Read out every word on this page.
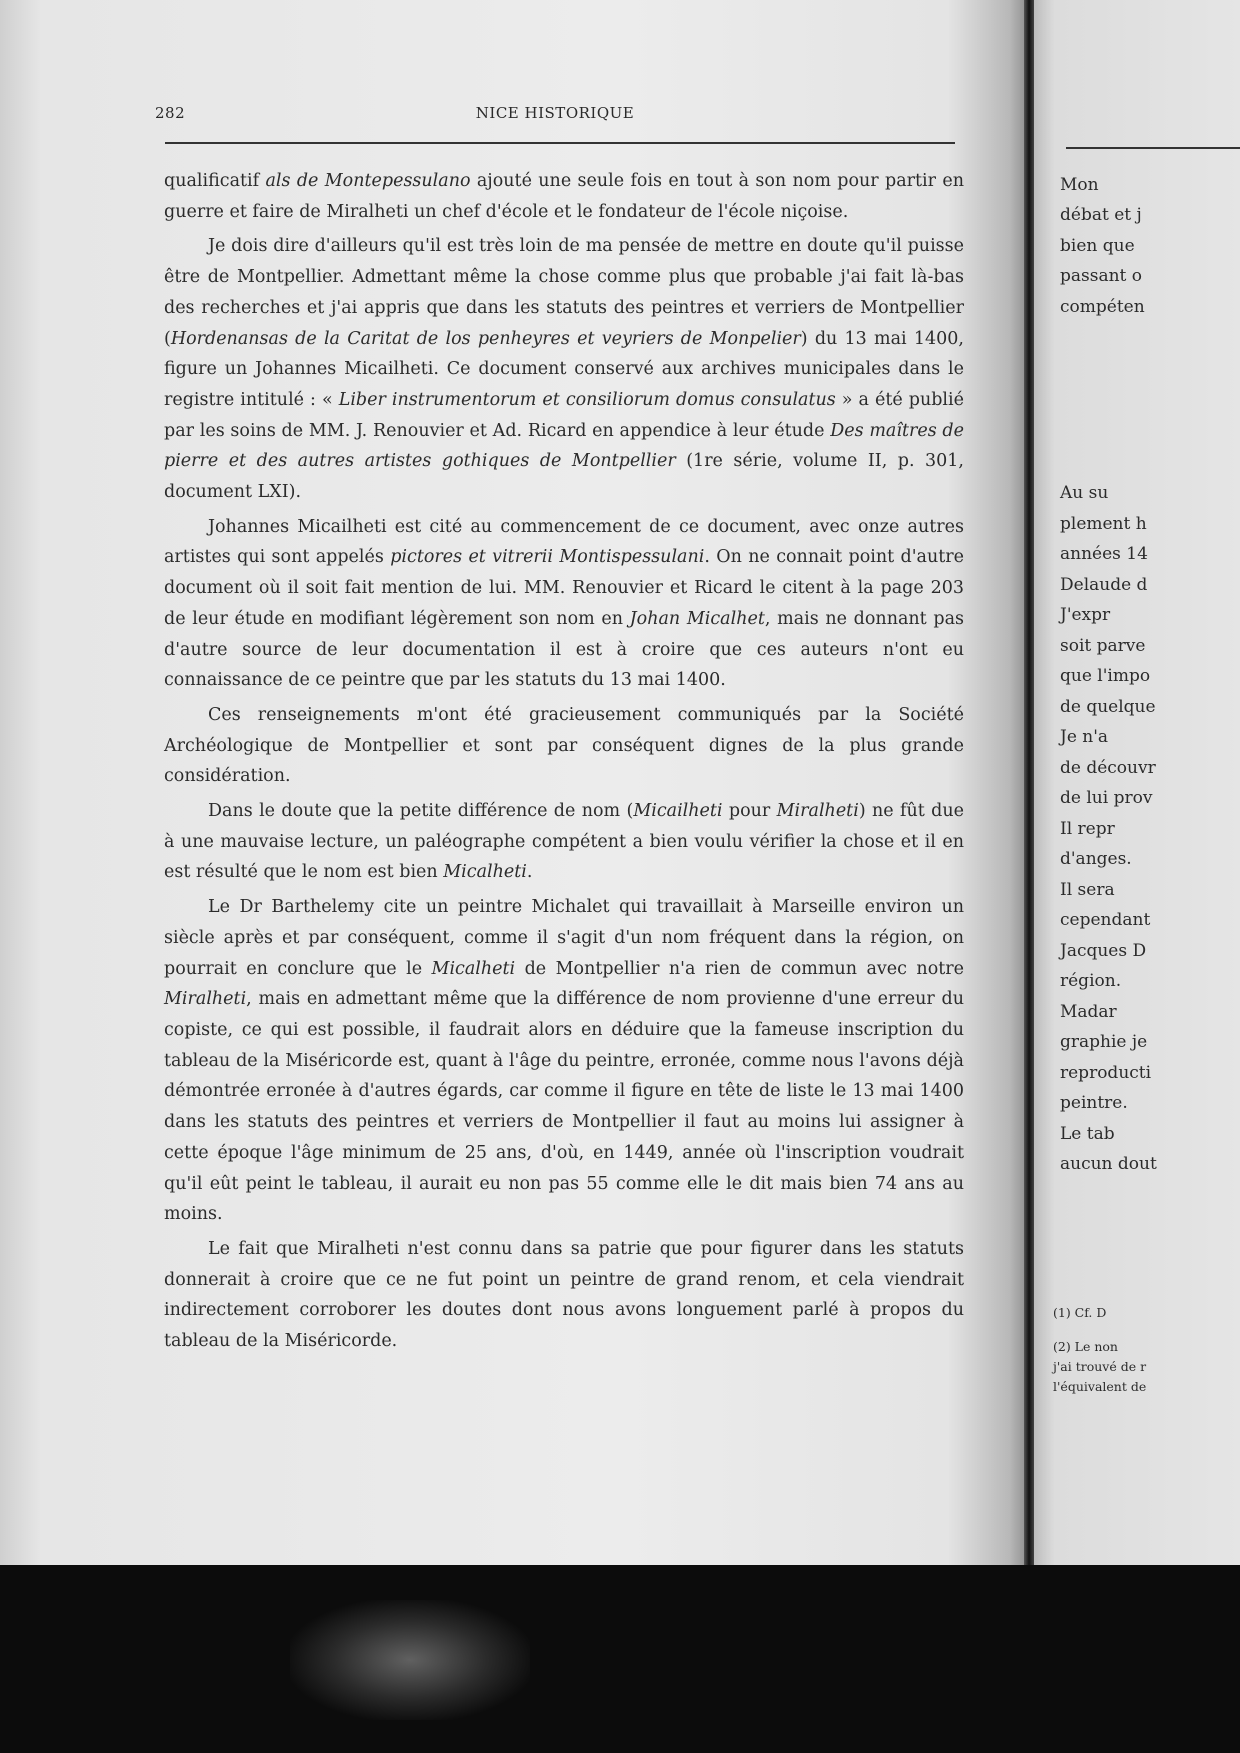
282	NICE HISTORIQUE

qualificatif als de Montepessulano ajouté une seule fois en tout à son nom pour partir en guerre et faire de Miralheti un chef d'école et le fondateur de l'école niçoise.

Je dois dire d'ailleurs qu'il est très loin de ma pensée de mettre en doute qu'il puisse être de Montpellier. Admettant même la chose comme plus que probable j'ai fait là-bas des recherches et j'ai appris que dans les statuts des peintres et verriers de Montpellier (Hordenansas de la Caritat de los penheyres et veyriers de Monpelier) du 13 mai 1400, figure un Johannes Micailheti. Ce document conservé aux archives municipales dans le registre intitulé : « Liber instrumentorum et consiliorum domus consulatus » a été publié par les soins de MM. J. Renouvier et Ad. Ricard en appendice à leur étude Des maîtres de pierre et des autres artistes gothiques de Montpellier (1re série, volume II, p. 301, document LXI).

Johannes Micailheti est cité au commencement de ce document, avec onze autres artistes qui sont appelés pictores et vitrerii Montispessulani. On ne connait point d'autre document où il soit fait mention de lui. MM. Renouvier et Ricard le citent à la page 203 de leur étude en modifiant légèrement son nom en Johan Micalhet, mais ne donnant pas d'autre source de leur documentation il est à croire que ces auteurs n'ont eu connaissance de ce peintre que par les statuts du 13 mai 1400.

Ces renseignements m'ont été gracieusement communiqués par la Société Archéologique de Montpellier et sont par conséquent dignes de la plus grande considération.

Dans le doute que la petite différence de nom (Micailheti pour Miralheti) ne fût due à une mauvaise lecture, un paléographe compétent a bien voulu vérifier la chose et il en est résulté que le nom est bien Micalheti.

Le Dr Barthelemy cite un peintre Michalet qui travaillait à Marseille environ un siècle après et par conséquent, comme il s'agit d'un nom fréquent dans la région, on pourrait en conclure que le Micalheti de Montpellier n'a rien de commun avec notre Miralheti, mais en admettant même que la différence de nom provienne d'une erreur du copiste, ce qui est possible, il faudrait alors en déduire que la fameuse inscription du tableau de la Miséricorde est, quant à l'âge du peintre, erronée, comme nous l'avons déjà démontrée erronée à d'autres égards, car comme il figure en tête de liste le 13 mai 1400 dans les statuts des peintres et verriers de Montpellier il faut au moins lui assigner à cette époque l'âge minimum de 25 ans, d'où, en 1449, année où l'inscription voudrait qu'il eût peint le tableau, il aurait eu non pas 55 comme elle le dit mais bien 74 ans au moins.

Le fait que Miralheti n'est connu dans sa patrie que pour figurer dans les statuts donnerait à croire que ce ne fut point un peintre de grand renom, et cela viendrait indirectement corroborer les doutes dont nous avons longuement parlé à propos du tableau de la Miséricorde.

Mon
débat et j
bien que
passant o
compéten
Au su
plement h
années 14
Delaude d
J'expr
soit parve
que l'impo
de quelque
Je n'a
de découvr
de lui prov
Il repr
d'anges.
Il sera
cependant
Jacques D
région.
Madar
graphie je
reproducti
peintre.
Le tab
aucun dout
(1) Cf. D
(2) Le non
j'ai trouvé de r
l'équivalent de
